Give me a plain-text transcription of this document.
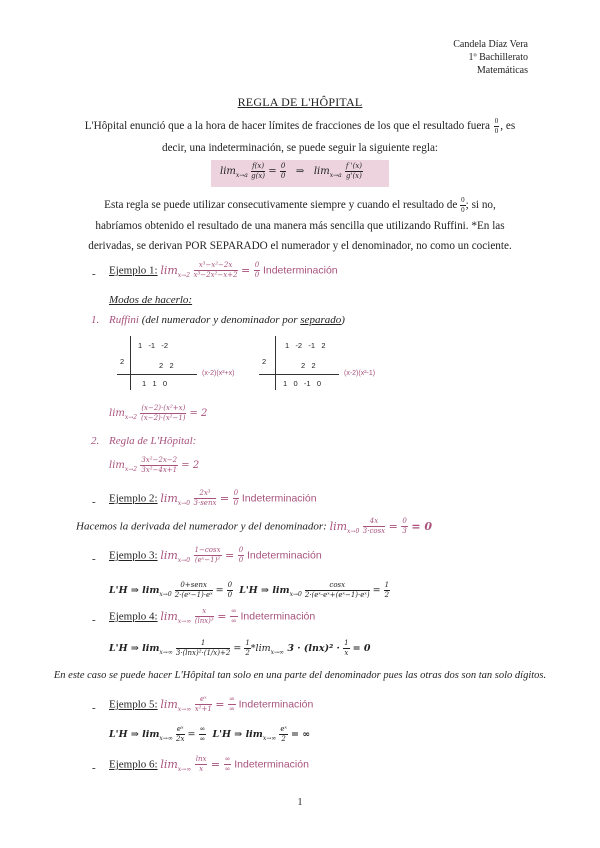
Candela Díaz Vera
1º Bachillerato
Matemáticas
REGLA DE L'HÔPITAL
L'Hôpital enunció que a la hora de hacer límites de fracciones de los que el resultado fuera $\frac{0}{0}$ , es
decir, una indeterminación, se puede seguir la siguiente regla:
$\lim_{x\to a} \frac{f(x)}{g(x)} = \frac{0}{0}$ ⇒ $\lim_{x\to a} \frac{f '(x)}{g'(x)}$
Esta regla se puede utilizar consecutivamente siempre y cuando el resultado de $\frac{0}{0}$ ; si no,
habríamos obtenido el resultado de una manera más sencilla que utilizando Ruffini. *En las
derivadas, se derivan POR SEPARADO el numerador y el denominador, no como un cociente.
- Ejemplo 1: $\lim_{x\to 2} \frac{\text{x³−x²−2x}}{\text{x³−2x²−x+2}} = \frac{0}{0}$ Indeterminación
Modos de hacerlo:
1. Ruffini (del numerador y denominador por separado)
1 -1 -2
2	2 2
1 1 0
(x-2)(x²+x)
1 -2 -1 2
2	2 2
1 0 -1 0
(x-2)(x²-1)
$\lim_{x\to 2} \frac{\text{(x−2)·(x²+x)}}{\text{(x−2)·(x²−1)}} = 2$
2. Regla de L'Hôpital:
$\lim_{x\to 2} \frac{\text{3x²−2x−2}}{\text{3x²−4x+1}} = 2$
- Ejemplo 2: $\lim_{x\to 0} \frac{\text{2x³}}{\text{3·senx}} = \frac{0}{0}$ Indeterminación
Hacemos la derivada del numerador y del denominador: $\lim_{x\to 0} \frac{4x}{3\cdot\cos x} = \frac{0}{3} = 0$
- Ejemplo 3: $\lim_{x\to 0} \frac{1-\cos x}{\text{(eˣ−1)²}} = \frac{0}{0}$ Indeterminación
L'H ⇒ $\lim_{x\to 0} \frac{\text{0+senx}}{\text{2·(eˣ−1)·eˣ}} = \frac{0}{0} L'H$ ⇒ $\lim_{x\to 0} \frac{\cos x}{\text{2·(eˣ·eˣ+(eˣ−1)·eˣ)}} = \frac{1}{2}$
- Ejemplo 4: $\lim_{x\to\infty} \frac{x}{\text{(lnx)³}} = \frac{\infty}{\infty}$ Indeterminación
L'H ⇒ $\lim_{x\to\infty} \frac{1}{\text{3·(lnx)²·(1/x)+2}} = \frac{1}{2} *\lim_{x\to\infty}$ $3 \cdot (\ln x)^2 \cdot \frac{1}{x} = 0$
En este caso se puede hacer L'Hôpital tan solo en una parte del denominador pues las otras dos son tan solo dígitos.
- Ejemplo 5: $\lim_{x\to\infty} \frac{\text{eˣ}}{\text{x²+1}} = \frac{\infty}{\infty}$ Indeterminación
L'H ⇒ $\lim_{x\to\infty} \frac{\text{eˣ}}{2x} = \frac{\infty}{\infty} L'H$ ⇒ $\lim_{x\to\infty} \frac{\text{eˣ}}{2}$ = ∞
- Ejemplo 6: $\lim_{x\to\infty} \frac{\ln x}{x} = \frac{\infty}{\infty}$ Indeterminación
1
